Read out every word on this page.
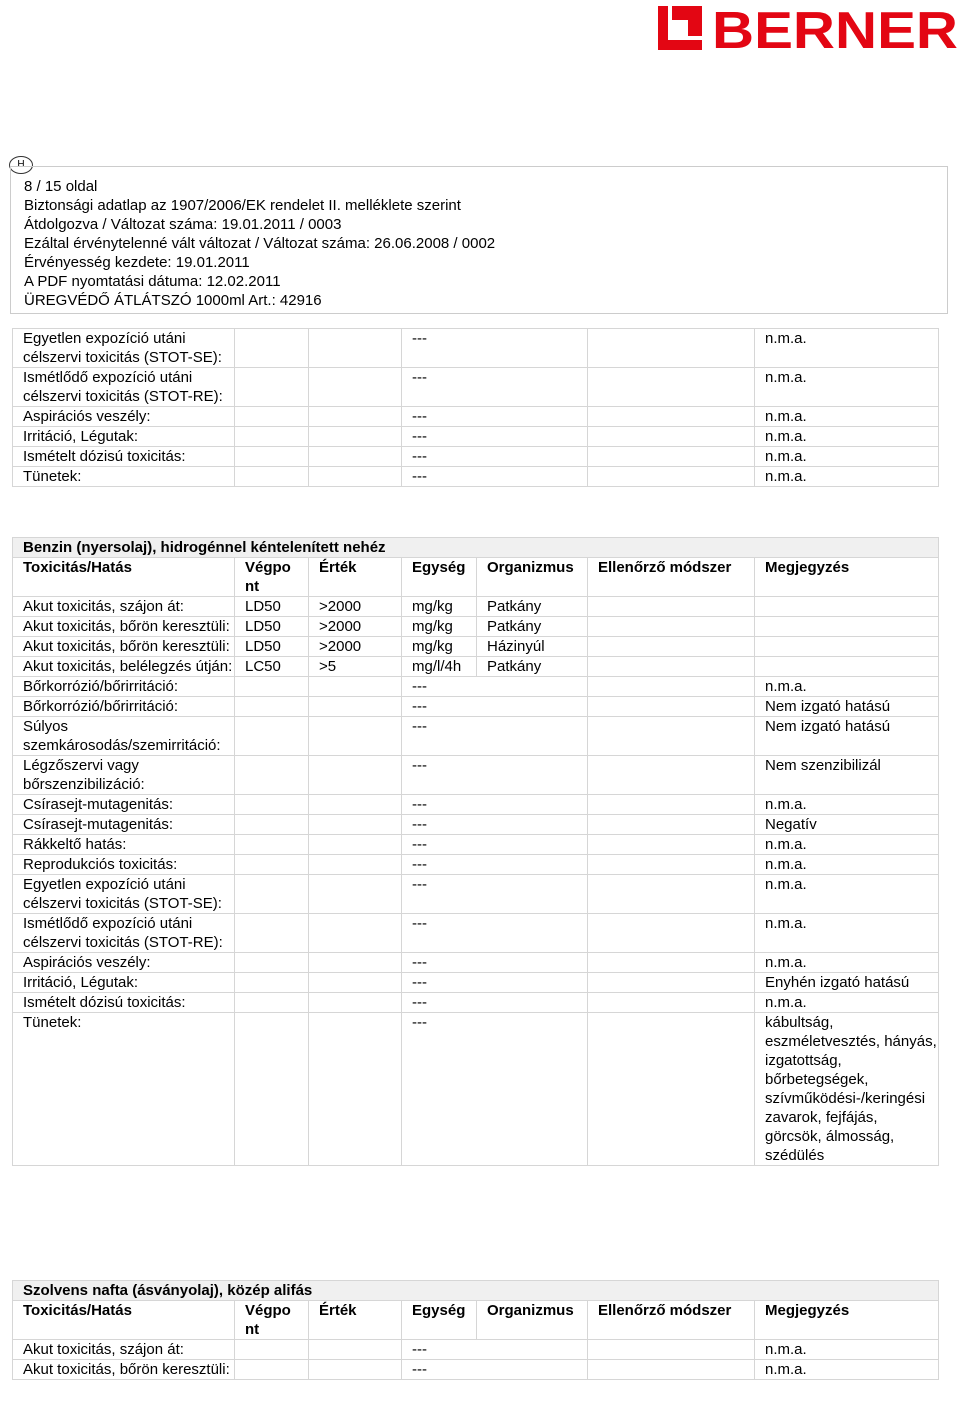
BERNER
H
8 / 15 oldal
Biztonsági adatlap az 1907/2006/EK rendelet II. melléklete szerint
Átdolgozva / Változat száma: 19.01.2011 / 0003
Ezáltal érvénytelenné vált változat / Változat száma: 26.06.2008 / 0002
Érvényesség kezdete: 19.01.2011
A PDF nyomtatási dátuma: 12.02.2011
ÜREGVÉDŐ ÁTLÁTSZÓ 1000ml Art.: 42916
Egyetlen expozíció utáni célszervi toxicitás (STOT-SE):			---		n.m.a.
Ismétlődő expozíció utáni célszervi toxicitás (STOT-RE):			---		n.m.a.
Aspirációs veszély:			---		n.m.a.
Irritáció, Légutak:			---		n.m.a.
Ismételt dózisú toxicitás:			---		n.m.a.
Tünetek:			---		n.m.a.
Benzin (nyersolaj), hidrogénnel kéntelenített nehéz						
Toxicitás/Hatás	Végpo nt	Érték	Egység	Organizmus	Ellenőrző módszer	Megjegyzés
Akut toxicitás, szájon át:	LD50	>2000	mg/kg	Patkány		
Akut toxicitás, bőrön keresztüli:	LD50	>2000	mg/kg	Patkány		
Akut toxicitás, bőrön keresztüli:	LD50	>2000	mg/kg	Házinyúl		
Akut toxicitás, belélegzés útján:	LC50	>5	mg/l/4h	Patkány		
Bőrkorrózió/bőrirritáció:			---			n.m.a.
Bőrkorrózió/bőrirritáció:			---			Nem izgató hatású
Súlyos szemkárosodás/szemirritáció:			---			Nem izgató hatású
Légzőszervi vagy bőrszenzibilizáció:			---			Nem szenzibilizál
Csírasejt-mutagenitás:			---			n.m.a.
Csírasejt-mutagenitás:			---			Negatív
Rákkeltő hatás:			---			n.m.a.
Reprodukciós toxicitás:			---			n.m.a.
Egyetlen expozíció utáni célszervi toxicitás (STOT-SE):			---			n.m.a.
Ismétlődő expozíció utáni célszervi toxicitás (STOT-RE):			---			n.m.a.
Aspirációs veszély:			---			n.m.a.
Irritáció, Légutak:			---			Enyhén izgató hatású
Ismételt dózisú toxicitás:			---			n.m.a.
Tünetek:			---			kábultság, eszméletvesztés, hányás, izgatottság, bőrbetegségek, szívműködési-/keringési zavarok, fejfájás, görcsök, álmosság, szédülés
Szolvens nafta (ásványolaj), közép alifás						
Toxicitás/Hatás	Végpo nt	Érték	Egység	Organizmus	Ellenőrző módszer	Megjegyzés
Akut toxicitás, szájon át:			---			n.m.a.
Akut toxicitás, bőrön keresztüli:			---			n.m.a.
